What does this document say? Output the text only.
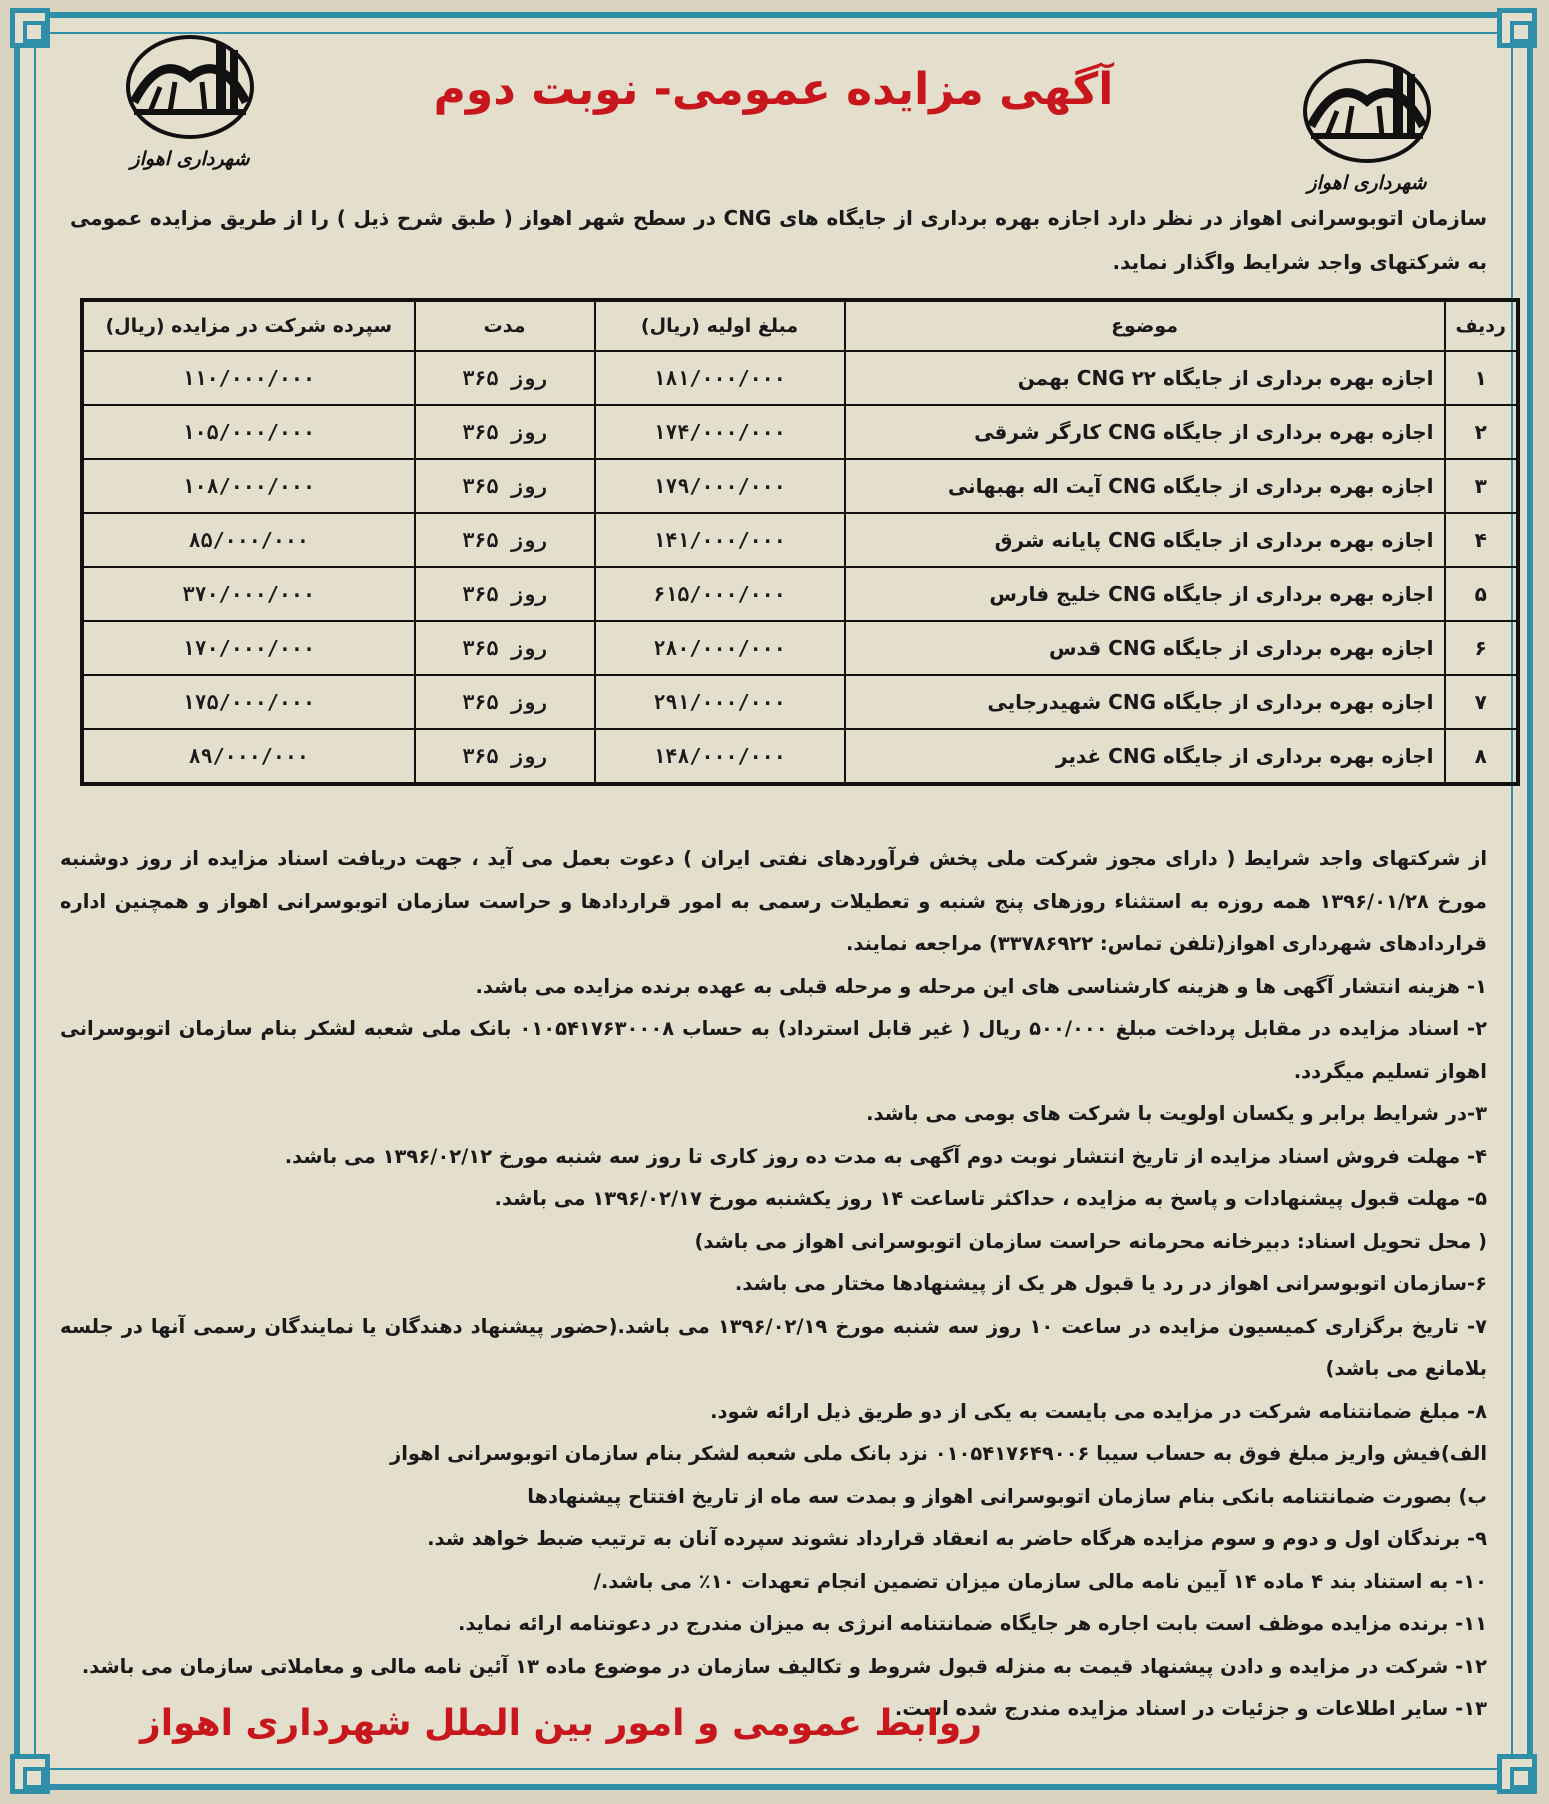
شهرداری اهواز
شهرداری اهواز
آگهی مزایده عمومی- نوبت دوم
سازمان اتوبوسرانی اهواز در نظر دارد اجازه بهره برداری از جایگاه های CNG در سطح شهر اهواز ( طبق شرح ذیل ) را از طریق مزایده عمومی به شرکتهای واجد شرایط واگذار نماید.
ردیف	موضوع	مبلغ اولیه (ریال)	مدت	سپرده شرکت در مزایده (ریال)
۱	اجازه بهره برداری از جایگاه CNG ۲۲ بهمن	۱۸۱/۰۰۰/۰۰۰	۳۶۵ روز	۱۱۰/۰۰۰/۰۰۰
۲	اجازه بهره برداری از جایگاه CNG کارگر شرقی	۱۷۴/۰۰۰/۰۰۰	۳۶۵ روز	۱۰۵/۰۰۰/۰۰۰
۳	اجازه بهره برداری از جایگاه CNG آیت اله بهبهانی	۱۷۹/۰۰۰/۰۰۰	۳۶۵ روز	۱۰۸/۰۰۰/۰۰۰
۴	اجازه بهره برداری از جایگاه CNG پایانه شرق	۱۴۱/۰۰۰/۰۰۰	۳۶۵ روز	۸۵/۰۰۰/۰۰۰
۵	اجازه بهره برداری از جایگاه CNG خلیج فارس	۶۱۵/۰۰۰/۰۰۰	۳۶۵ روز	۳۷۰/۰۰۰/۰۰۰
۶	اجازه بهره برداری از جایگاه CNG قدس	۲۸۰/۰۰۰/۰۰۰	۳۶۵ روز	۱۷۰/۰۰۰/۰۰۰
۷	اجازه بهره برداری از جایگاه CNG شهیدرجایی	۲۹۱/۰۰۰/۰۰۰	۳۶۵ روز	۱۷۵/۰۰۰/۰۰۰
۸	اجازه بهره برداری از جایگاه CNG غدیر	۱۴۸/۰۰۰/۰۰۰	۳۶۵ روز	۸۹/۰۰۰/۰۰۰

از شرکتهای واجد شرایط ( دارای مجوز شرکت ملی پخش فرآوردهای نفتی ایران ) دعوت بعمل می آید ، جهت دریافت اسناد مزایده از روز دوشنبه مورخ ۱۳۹۶/۰۱/۲۸ همه روزه به استثناء روزهای پنج شنبه و تعطیلات رسمی به امور قراردادها و حراست سازمان اتوبوسرانی اهواز و همچنین اداره قراردادهای شهرداری اهواز(تلفن تماس: ۳۳۷۸۶۹۲۲) مراجعه نمایند.

۱- هزینه انتشار آگهی ها و هزینه کارشناسی های این مرحله و مرحله قبلی به عهده برنده مزایده می باشد.

۲- اسناد مزایده در مقابل پرداخت مبلغ ۵۰۰/۰۰۰ ریال ( غیر قابل استرداد) به حساب ۰۱۰۵۴۱۷۶۳۰۰۰۸ بانک ملی شعبه لشکر بنام سازمان اتوبوسرانی اهواز تسلیم میگردد.

۳-در شرایط برابر و یکسان اولویت با شرکت های بومی می باشد.

۴- مهلت فروش اسناد مزایده از تاریخ انتشار نوبت دوم آگهی به مدت ده روز کاری تا روز سه شنبه مورخ ۱۳۹۶/۰۲/۱۲ می باشد.

۵- مهلت قبول پیشنهادات و پاسخ به مزایده ، حداکثر تاساعت ۱۴ روز یکشنبه مورخ ۱۳۹۶/۰۲/۱۷ می باشد.

( محل تحویل اسناد: دبیرخانه محرمانه حراست سازمان اتوبوسرانی اهواز می باشد)

۶-سازمان اتوبوسرانی اهواز در رد یا قبول هر یک از پیشنهادها مختار می باشد.

۷- تاریخ برگزاری کمیسیون مزایده در ساعت ۱۰ روز سه شنبه مورخ ۱۳۹۶/۰۲/۱۹ می باشد.(حضور پیشنهاد دهندگان یا نمایندگان رسمی آنها در جلسه بلامانع می باشد)

۸- مبلغ ضمانتنامه شرکت در مزایده می بایست به یکی از دو طریق ذیل ارائه شود.

الف)فیش واریز مبلغ فوق به حساب سیبا ۰۱۰۵۴۱۷۶۴۹۰۰۶ نزد بانک ملی شعبه لشکر بنام سازمان اتوبوسرانی اهواز

ب) بصورت ضمانتنامه بانکی بنام سازمان اتوبوسرانی اهواز و بمدت سه ماه از تاریخ افتتاح پیشنهادها

۹- برندگان اول و دوم و سوم مزایده هرگاه حاضر به انعقاد قرارداد نشوند سپرده آنان به ترتیب ضبط خواهد شد.

۱۰- به استناد بند ۴ ماده ۱۴ آیین نامه مالی سازمان میزان تضمین انجام تعهدات ۱۰٪ می باشد./

۱۱- برنده مزایده موظف است بابت اجاره هر جایگاه ضمانتنامه انرژی به میزان مندرج در دعوتنامه ارائه نماید.

۱۲- شرکت در مزایده و دادن پیشنهاد قیمت به منزله قبول شروط و تکالیف سازمان در موضوع ماده ۱۳ آئین نامه مالی و معاملاتی سازمان می باشد.

۱۳- سایر اطلاعات و جزئیات در اسناد مزایده مندرج شده است.

روابط عمومی و امور بین الملل شهرداری اهواز
